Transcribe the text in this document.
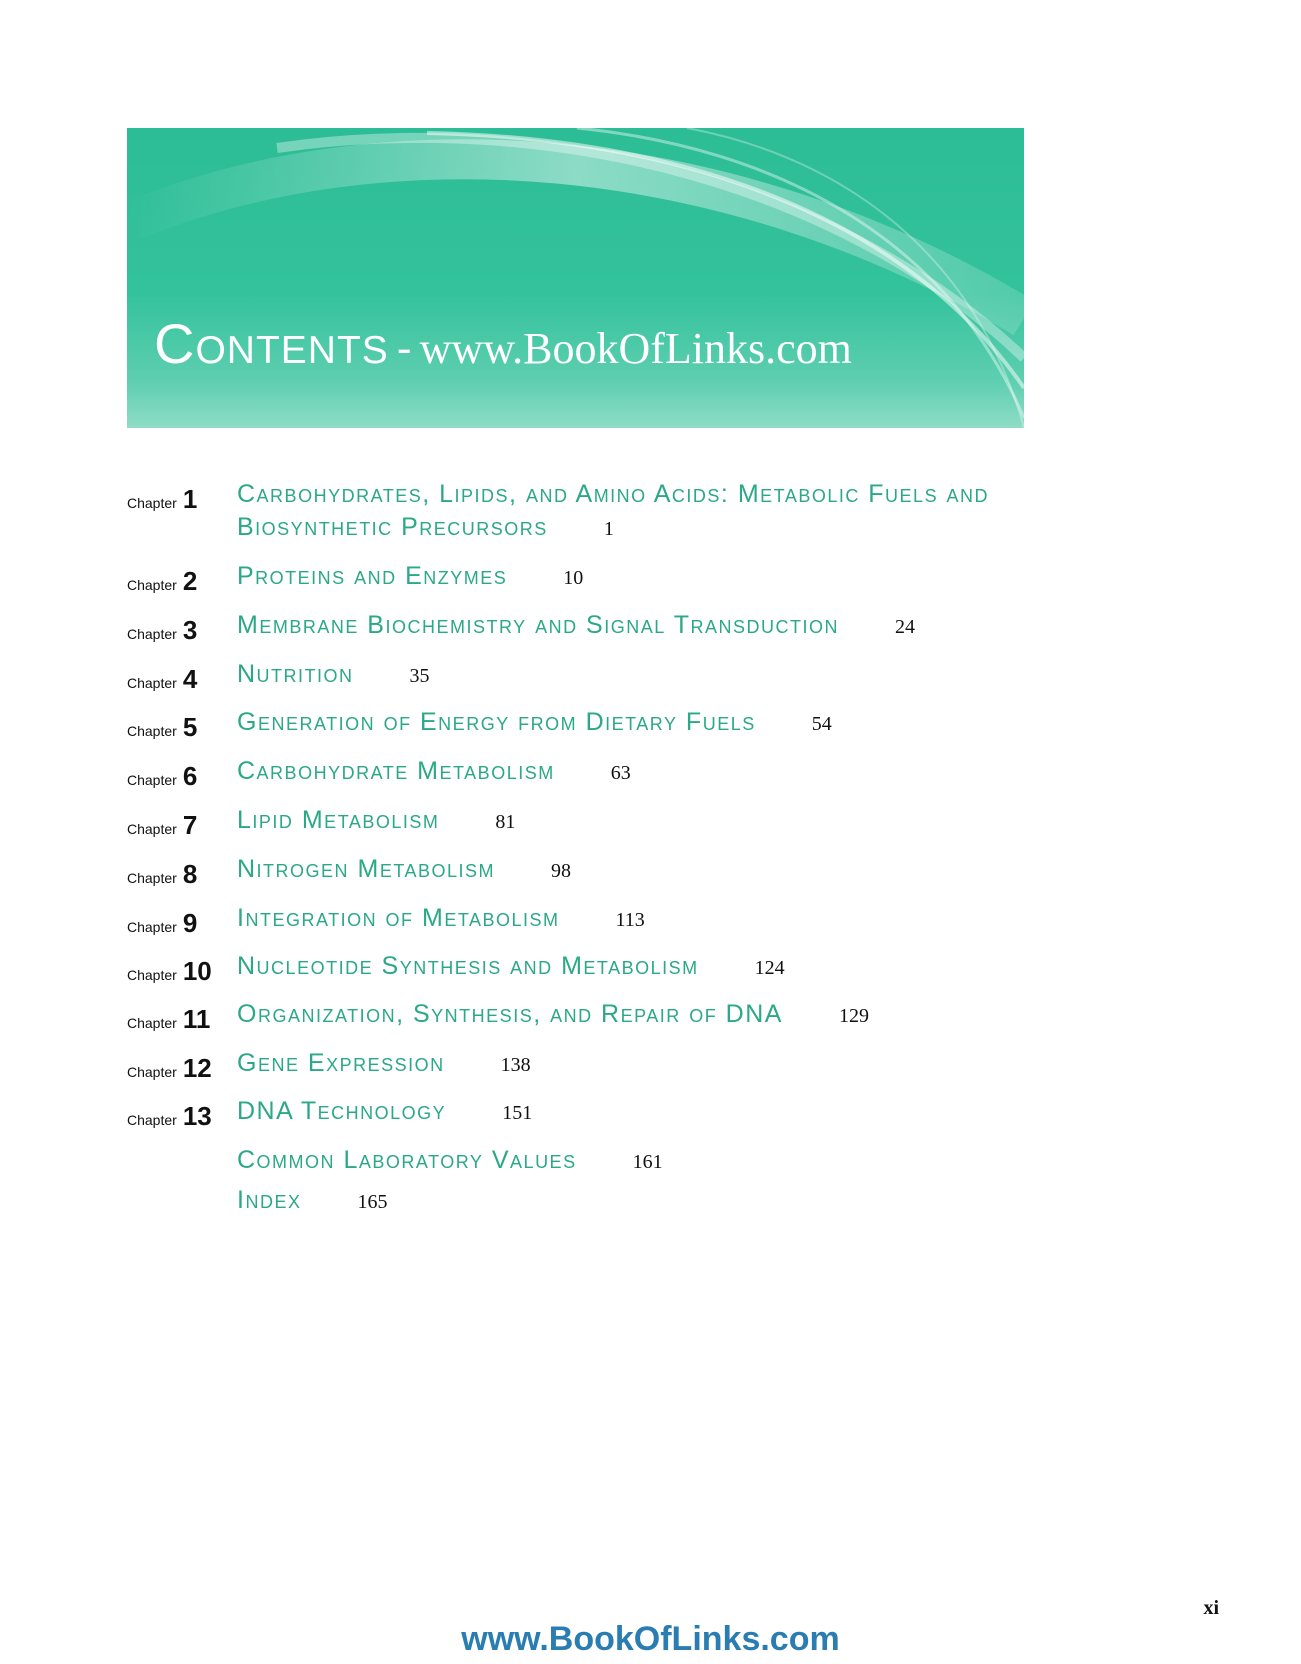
Contents - www.BookOfLinks.com
Chapter 1 Carbohydrates, Lipids, and Amino Acids: Metabolic Fuels and
Biosynthetic Precursors	1
Chapter 2 Proteins and Enzymes	10
Chapter 3 Membrane Biochemistry and Signal Transduction	24
Chapter 4 Nutrition	35
Chapter 5 Generation of Energy from Dietary Fuels	54
Chapter 6 Carbohydrate Metabolism	63
Chapter 7 Lipid Metabolism	81
Chapter 8 Nitrogen Metabolism	98
Chapter 9 Integration of Metabolism	113
Chapter 10 Nucleotide Synthesis and Metabolism	124
Chapter 11 Organization, Synthesis, and Repair of DNA	129
Chapter 12 Gene Expression	138
Chapter 13 DNA Technology	151
Common Laboratory Values	161
Index	165
xi
www.BookOfLinks.com
